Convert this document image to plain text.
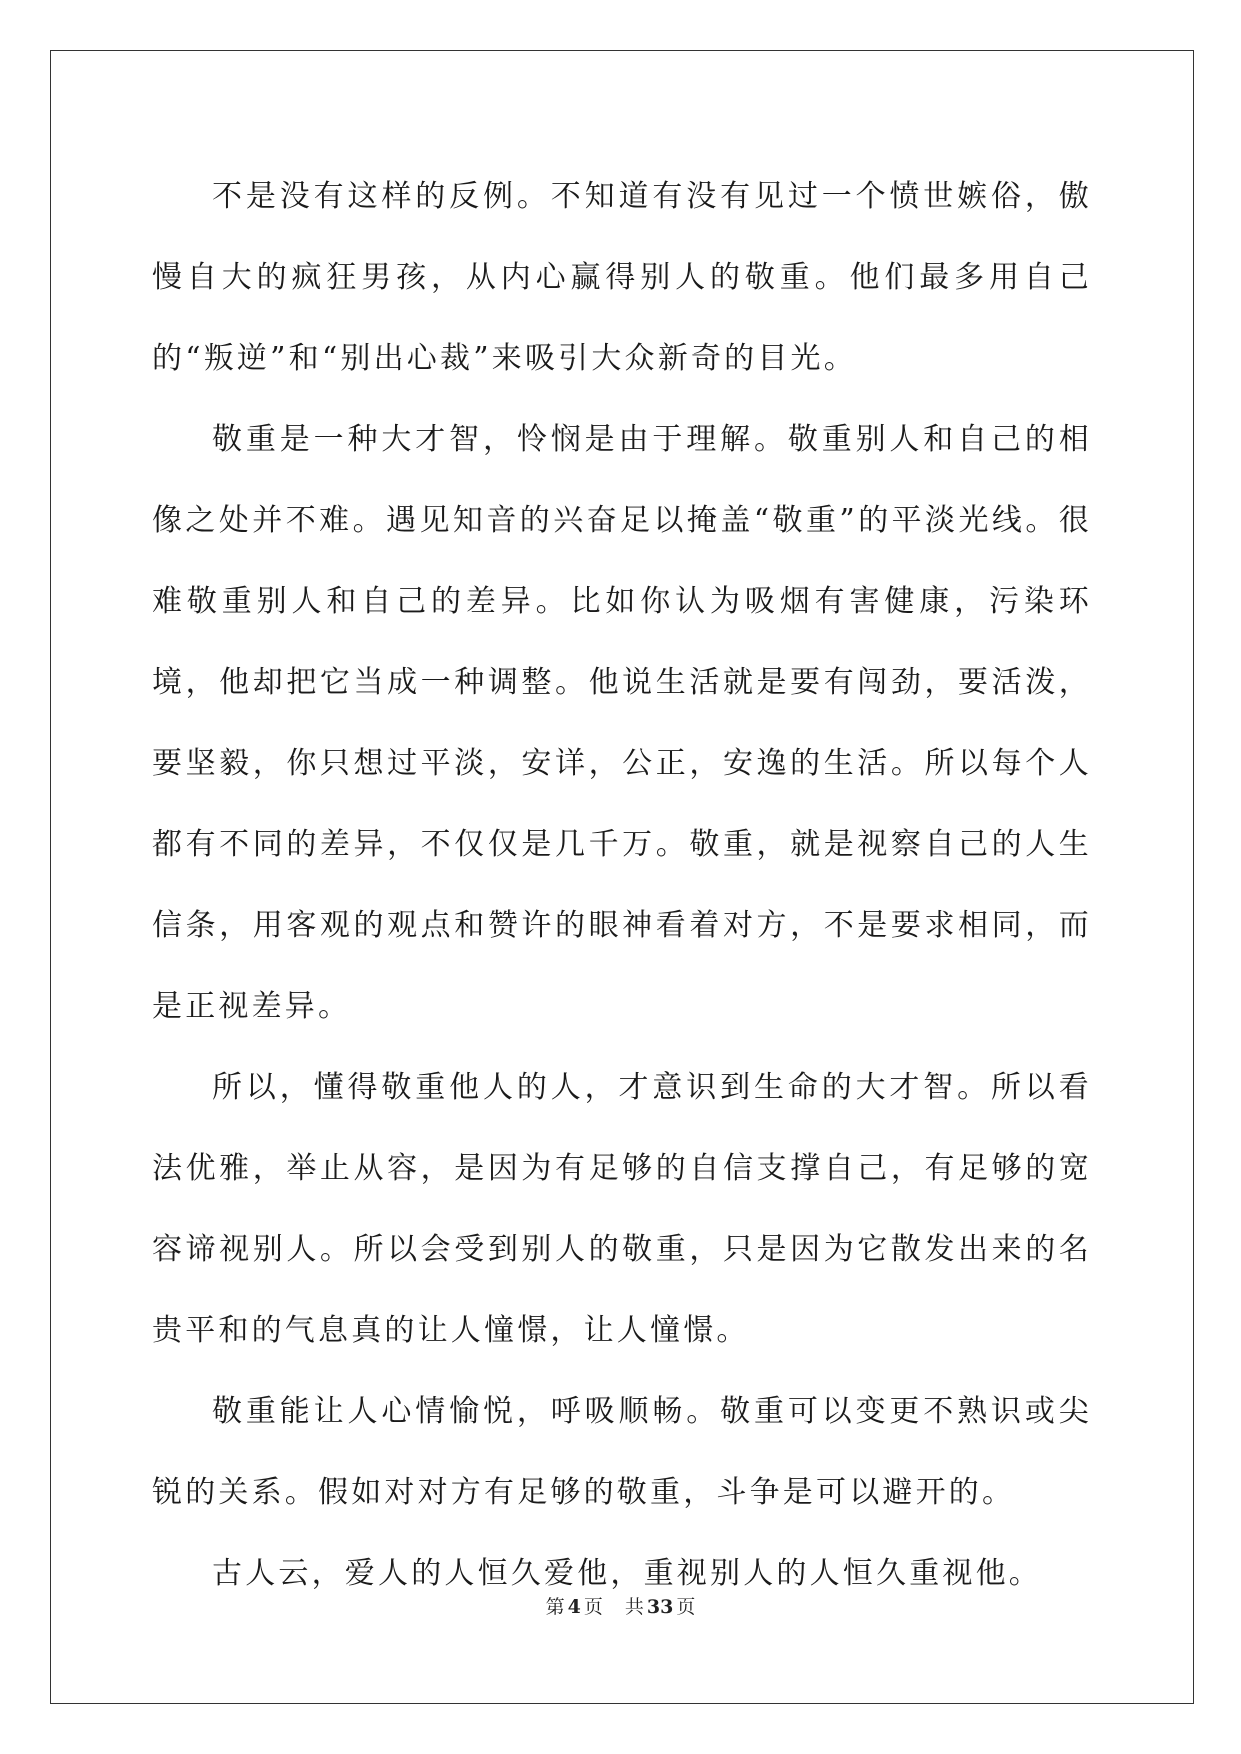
不是没有这样的反例。不知道有没有见过一个愤世嫉俗，傲慢自大的疯狂男孩，从内心赢得别人的敬重。他们最多用自己的“叛逆”和“别出心裁”来吸引大众新奇的目光。

敬重是一种大才智，怜悯是由于理解。敬重别人和自己的相像之处并不难。遇见知音的兴奋足以掩盖“敬重”的平淡光线。很难敬重别人和自己的差异。比如你认为吸烟有害健康，污染环境，他却把它当成一种调整。他说生活就是要有闯劲，要活泼，要坚毅，你只想过平淡，安详，公正，安逸的生活。所以每个人都有不同的差异，不仅仅是几千万。敬重，就是视察自己的人生信条，用客观的观点和赞许的眼神看着对方，不是要求相同，而是正视差异。

所以，懂得敬重他人的人，才意识到生命的大才智。所以看法优雅，举止从容，是因为有足够的自信支撑自己，有足够的宽容谛视别人。所以会受到别人的敬重，只是因为它散发出来的名贵平和的气息真的让人憧憬，让人憧憬。

敬重能让人心情愉悦，呼吸顺畅。敬重可以变更不熟识或尖锐的关系。假如对对方有足够的敬重，斗争是可以避开的。

古人云，爱人的人恒久爱他，重视别人的人恒久重视他。

第 4 页 共 33 页
